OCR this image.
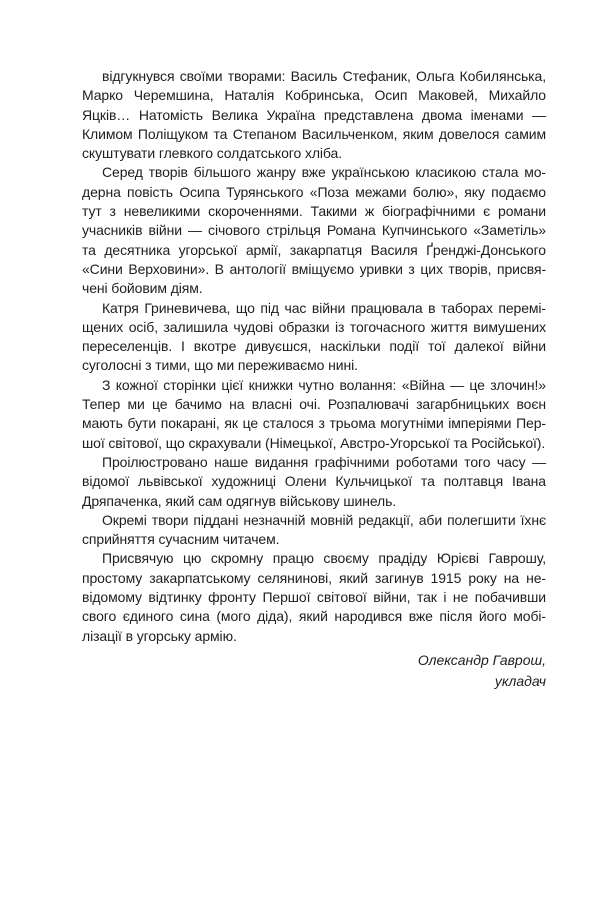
відгукнувся своїми творами: Василь Стефаник, Ольга Кобилянська,
Марко Черемшина, Наталія Кобринська, Осип Маковей, Михайло
Яцків… Натомість Велика Україна представлена двома іменами —
Климом Поліщуком та Степаном Васильченком, яким довелося самим
скуштувати глевкого солдатського хліба.
Серед творів більшого жанру вже українською класикою стала мо-
дерна повість Осипа Турянського «Поза межами болю», яку подаємо
тут з невеликими скороченнями. Такими ж біографічними є романи
учасників війни — січового стрільця Романа Купчинського «Заметіль»
та десятника угорської армії, закарпатця Василя Ґренджі-Донського
«Сини Верховини». В антології вміщуємо уривки з цих творів, присвя-
чені бойовим діям.
Катря Гриневичева, що під час війни працювала в таборах перемі-
щених осіб, залишила чудові образки із тогочасного життя вимушених
переселенців. І вкотре дивуєшся, наскільки події тої далекої війни
суголосні з тими, що ми переживаємо нині.
З кожної сторінки цієї книжки чутно волання: «Війна — це злочин!»
Тепер ми це бачимо на власні очі. Розпалювачі загарбницьких воєн
мають бути покарані, як це сталося з трьома могутніми імперіями Пер-
шої світової, що скрахували (Німецької, Австро-Угорської та Російської).
Проілюстровано наше видання графічними роботами того часу —
відомої львівської художниці Олени Кульчицької та полтавця Івана
Дряпаченка, який сам одягнув військову шинель.
Окремі твори піддані незначній мовній редакції, аби полегшити їхнє
сприйняття сучасним читачем.
Присвячую цю скромну працю своєму прадіду Юрієві Гаврошу,
простому закарпатському селянинові, який загинув 1915 року на не-
відомому відтинку фронту Першої світової війни, так і не побачивши
свого єдиного сина (мого діда), який народився вже після його мобі-
лізації в угорську армію.
Олександр Гаврош,
укладач
